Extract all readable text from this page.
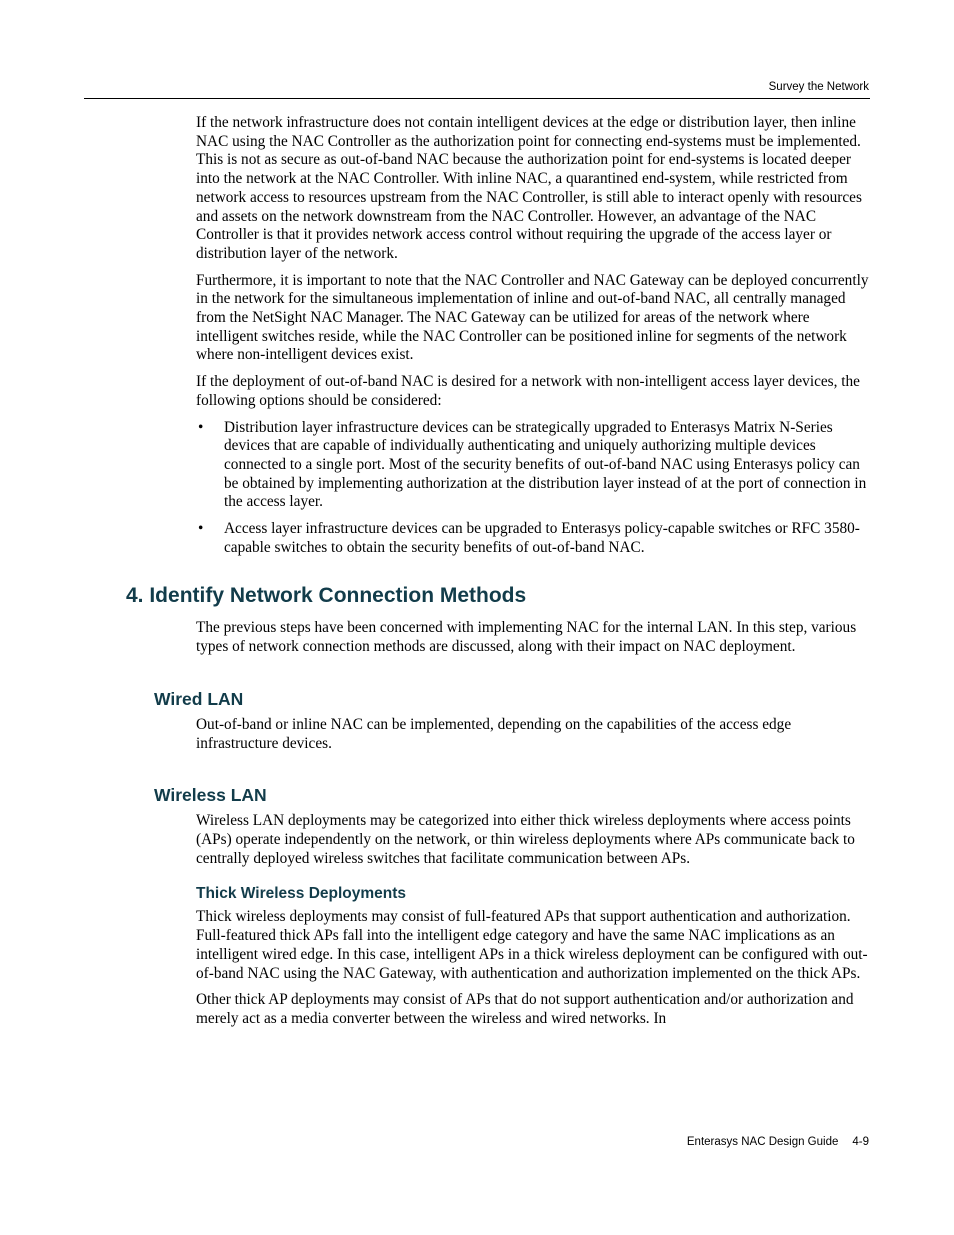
Survey the Network

If the network infrastructure does not contain intelligent devices at the edge or distribution layer, then inline NAC using the NAC Controller as the authorization point for connecting end-systems must be implemented. This is not as secure as out-of-band NAC because the authorization point for end-systems is located deeper into the network at the NAC Controller. With inline NAC, a quarantined end-system, while restricted from network access to resources upstream from the NAC Controller, is still able to interact openly with resources and assets on the network downstream from the NAC Controller. However, an advantage of the NAC Controller is that it provides network access control without requiring the upgrade of the access layer or distribution layer of the network.

Furthermore, it is important to note that the NAC Controller and NAC Gateway can be deployed concurrently in the network for the simultaneous implementation of inline and out-of-band NAC, all centrally managed from the NetSight NAC Manager. The NAC Gateway can be utilized for areas of the network where intelligent switches reside, while the NAC Controller can be positioned inline for segments of the network where non-intelligent devices exist.

If the deployment of out-of-band NAC is desired for a network with non-intelligent access layer devices, the following options should be considered:

• Distribution layer infrastructure devices can be strategically upgraded to Enterasys Matrix N-Series devices that are capable of individually authenticating and uniquely authorizing multiple devices connected to a single port. Most of the security benefits of out-of-band NAC using Enterasys policy can be obtained by implementing authorization at the distribution layer instead of at the port of connection in the access layer.
• Access layer infrastructure devices can be upgraded to Enterasys policy-capable switches or RFC 3580-capable switches to obtain the security benefits of out-of-band NAC.
4. Identify Network Connection Methods

The previous steps have been concerned with implementing NAC for the internal LAN. In this step, various types of network connection methods are discussed, along with their impact on NAC deployment.

Wired LAN

Out-of-band or inline NAC can be implemented, depending on the capabilities of the access edge infrastructure devices.

Wireless LAN

Wireless LAN deployments may be categorized into either thick wireless deployments where access points (APs) operate independently on the network, or thin wireless deployments where APs communicate back to centrally deployed wireless switches that facilitate communication between APs.

Thick Wireless Deployments

Thick wireless deployments may consist of full-featured APs that support authentication and authorization. Full-featured thick APs fall into the intelligent edge category and have the same NAC implications as an intelligent wired edge. In this case, intelligent APs in a thick wireless deployment can be configured with out-of-band NAC using the NAC Gateway, with authentication and authorization implemented on the thick APs.

Other thick AP deployments may consist of APs that do not support authentication and/or authorization and merely act as a media converter between the wireless and wired networks. In

Enterasys NAC Design Guide 4-9
